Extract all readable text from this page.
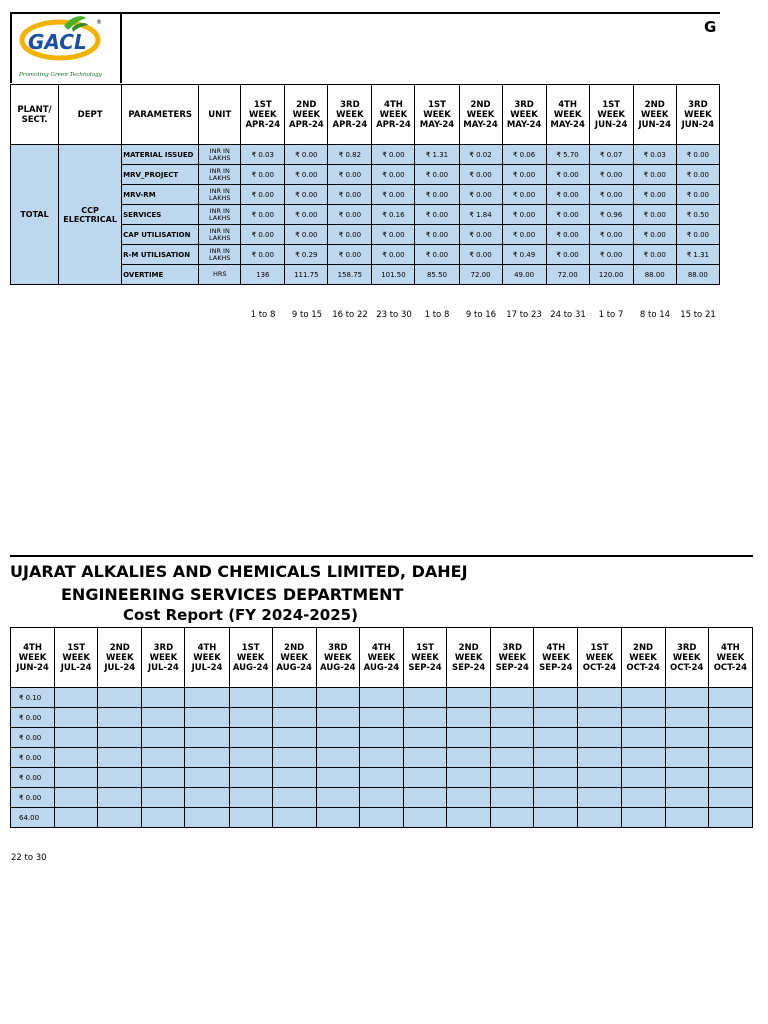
GACL
®
Promoting Green Technology
G
PLANT/
SECT.	DEPT	PARAMETERS	UNIT	1ST
WEEK
APR-24	2ND
WEEK
APR-24	3RD
WEEK
APR-24	4TH
WEEK
APR-24	1ST
WEEK
MAY-24	2ND
WEEK
MAY-24	3RD
WEEK
MAY-24	4TH
WEEK
MAY-24	1ST
WEEK
JUN-24	2ND
WEEK
JUN-24	3RD
WEEK
JUN-24
TOTAL	CCP
ELECTRICAL	MATERIAL ISSUED	INR IN
LAKHS	₹ 0.03	₹ 0.00	₹ 0.82	₹ 0.00	₹ 1.31	₹ 0.02	₹ 0.06	₹ 5.70	₹ 0.07	₹ 0.03	₹ 0.00
		MRV_PROJECT	INR IN
LAKHS	₹ 0.00	₹ 0.00	₹ 0.00	₹ 0.00	₹ 0.00	₹ 0.00	₹ 0.00	₹ 0.00	₹ 0.00	₹ 0.00	₹ 0.00
		MRV-RM	INR IN
LAKHS	₹ 0.00	₹ 0.00	₹ 0.00	₹ 0.00	₹ 0.00	₹ 0.00	₹ 0.00	₹ 0.00	₹ 0.00	₹ 0.00	₹ 0.00
		SERVICES	INR IN
LAKHS	₹ 0.00	₹ 0.00	₹ 0.00	₹ 0.16	₹ 0.00	₹ 1.84	₹ 0.00	₹ 0.00	₹ 0.96	₹ 0.00	₹ 0.50
		CAP UTILISATION	INR IN
LAKHS	₹ 0.00	₹ 0.00	₹ 0.00	₹ 0.00	₹ 0.00	₹ 0.00	₹ 0.00	₹ 0.00	₹ 0.00	₹ 0.00	₹ 0.00
		R-M UTILISATION	INR IN
LAKHS	₹ 0.00	₹ 0.29	₹ 0.00	₹ 0.00	₹ 0.00	₹ 0.00	₹ 0.49	₹ 0.00	₹ 0.00	₹ 0.00	₹ 1.31
		OVERTIME	HRS	136	111.75	158.75	101.50	85.50	72.00	49.00	72.00	120.00	88.00	88.00
1 to 8	9 to 15	16 to 22 23 to 30	1 to 8	9 to 16	17 to 23 24 to 31	1 to 7	8 to 14	15 to 21
UJARAT ALKALIES AND CHEMICALS LIMITED, DAHEJ
ENGINEERING SERVICES DEPARTMENT
Cost Report (FY 2024-2025)
4TH
WEEK
JUN-24	1ST
WEEK
JUL-24	2ND
WEEK
JUL-24	3RD
WEEK
JUL-24	4TH
WEEK
JUL-24	1ST
WEEK
AUG-24	2ND
WEEK
AUG-24	3RD
WEEK
AUG-24	4TH
WEEK
AUG-24	1ST
WEEK
SEP-24	2ND
WEEK
SEP-24	3RD
WEEK
SEP-24	4TH
WEEK
SEP-24	1ST
WEEK
OCT-24	2ND
WEEK
OCT-24	3RD
WEEK
OCT-24	4TH
WEEK
OCT-24
₹ 0.10																
₹ 0.00																
₹ 0.00																
₹ 0.00																
₹ 0.00																
₹ 0.00																
64.00																
22 to 30
